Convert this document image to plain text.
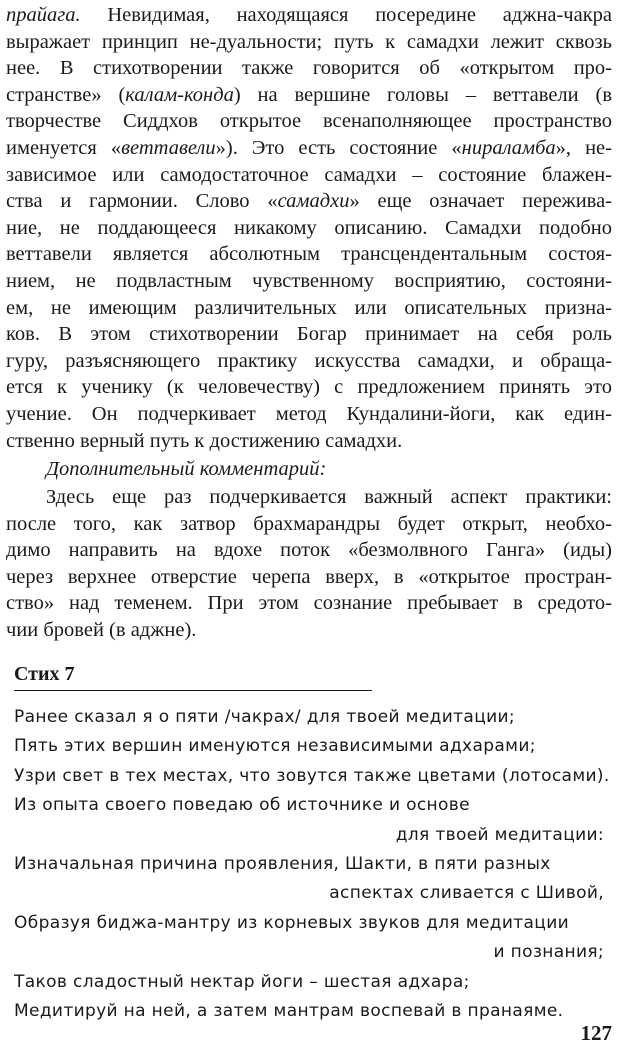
прайага. Невидимая, находящаяся посередине аджна-чакра
выражает принцип не-дуальности; путь к самадхи лежит сквозь
нее. В стихотворении также говорится об «открытом про-
странстве» (калам-конда) на вершине головы – веттавели (в
творчестве Сиддхов открытое всенаполняющее пространство
именуется «веттавели»). Это есть состояние «нираламба», не-
зависимое или самодостаточное самадхи – состояние блажен-
ства и гармонии. Слово «самадхи» еще означает пережива-
ние, не поддающееся никакому описанию. Самадхи подобно
веттавели является абсолютным трансцендентальным состоя-
нием, не подвластным чувственному восприятию, состояни-
ем, не имеющим различительных или описательных призна-
ков. В этом стихотворении Богар принимает на себя роль
гуру, разъясняющего практику искусства самадхи, и обраща-
ется к ученику (к человечеству) с предложением принять это
учение. Он подчеркивает метод Кундалини-йоги, как един-
ственно верный путь к достижению самадхи.
Дополнительный комментарий:
Здесь еще раз подчеркивается важный аспект практики:
после того, как затвор брахмарандры будет открыт, необхо-
димо направить на вдохе поток «безмолвного Ганга» (иды)
через верхнее отверстие черепа вверх, в «открытое простран-
ство» над теменем. При этом сознание пребывает в средото-
чии бровей (в аджне).
Стих 7
Ранее сказал я о пяти /чакрах/ для твоей медитации;
Пять этих вершин именуются независимыми адхарами;
Узри свет в тех местах, что зовутся также цветами (лотосами).
Из опыта своего поведаю об источнике и основе
для твоей медитации:
Изначальная причина проявления, Шакти, в пяти разных
аспектах сливается с Шивой,
Образуя биджа-мантру из корневых звуков для медитации
и познания;
Таков сладостный нектар йоги – шестая адхара;
Медитируй на ней, а затем мантрам воспевай в пранаяме.
127
